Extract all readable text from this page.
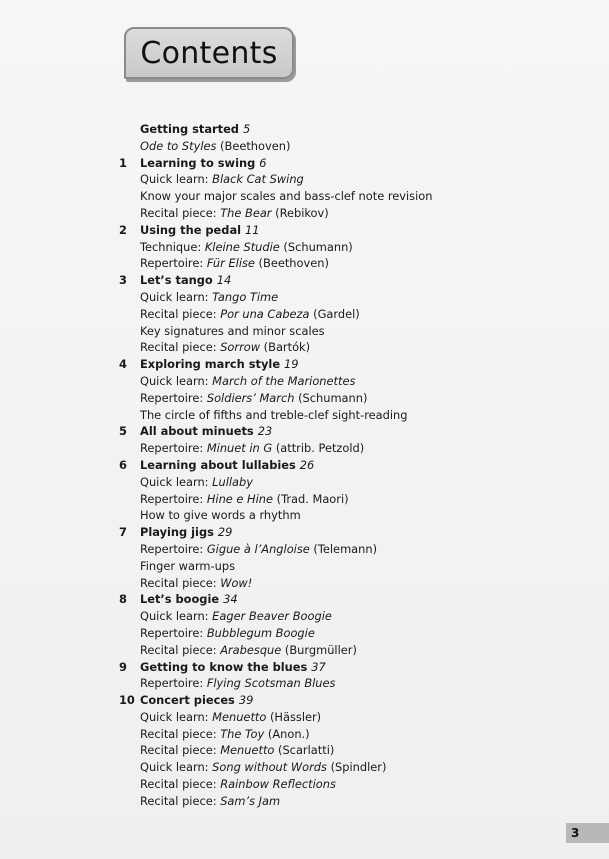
Contents
Getting started 5
Ode to Styles (Beethoven)
1	Learning to swing 6
Quick learn: Black Cat Swing
Know your major scales and bass-clef note revision
Recital piece: The Bear (Rebikov)
2	Using the pedal 11
Technique: Kleine Studie (Schumann)
Repertoire: Für Elise (Beethoven)
3	Let’s tango 14
Quick learn: Tango Time
Recital piece: Por una Cabeza (Gardel)
Key signatures and minor scales
Recital piece: Sorrow (Bartók)
4	Exploring march style 19
Quick learn: March of the Marionettes
Repertoire: Soldiers’ March (Schumann)
The circle of fifths and treble-clef sight-reading
5	All about minuets 23
Repertoire: Minuet in G (attrib. Petzold)
6	Learning about lullabies 26
Quick learn: Lullaby
Repertoire: Hine e Hine (Trad. Maori)
How to give words a rhythm
7	Playing jigs 29
Repertoire: Gigue à l’Angloise (Telemann)
Finger warm-ups
Recital piece: Wow!
8	Let’s boogie 34
Quick learn: Eager Beaver Boogie
Repertoire: Bubblegum Boogie
Recital piece: Arabesque (Burgmüller)
9	Getting to know the blues 37
Repertoire: Flying Scotsman Blues
10 Concert pieces 39
Quick learn: Menuetto (Hässler)
Recital piece: The Toy (Anon.)
Recital piece: Menuetto (Scarlatti)
Quick learn: Song without Words (Spindler)
Recital piece: Rainbow Reflections
Recital piece: Sam’s Jam
3
